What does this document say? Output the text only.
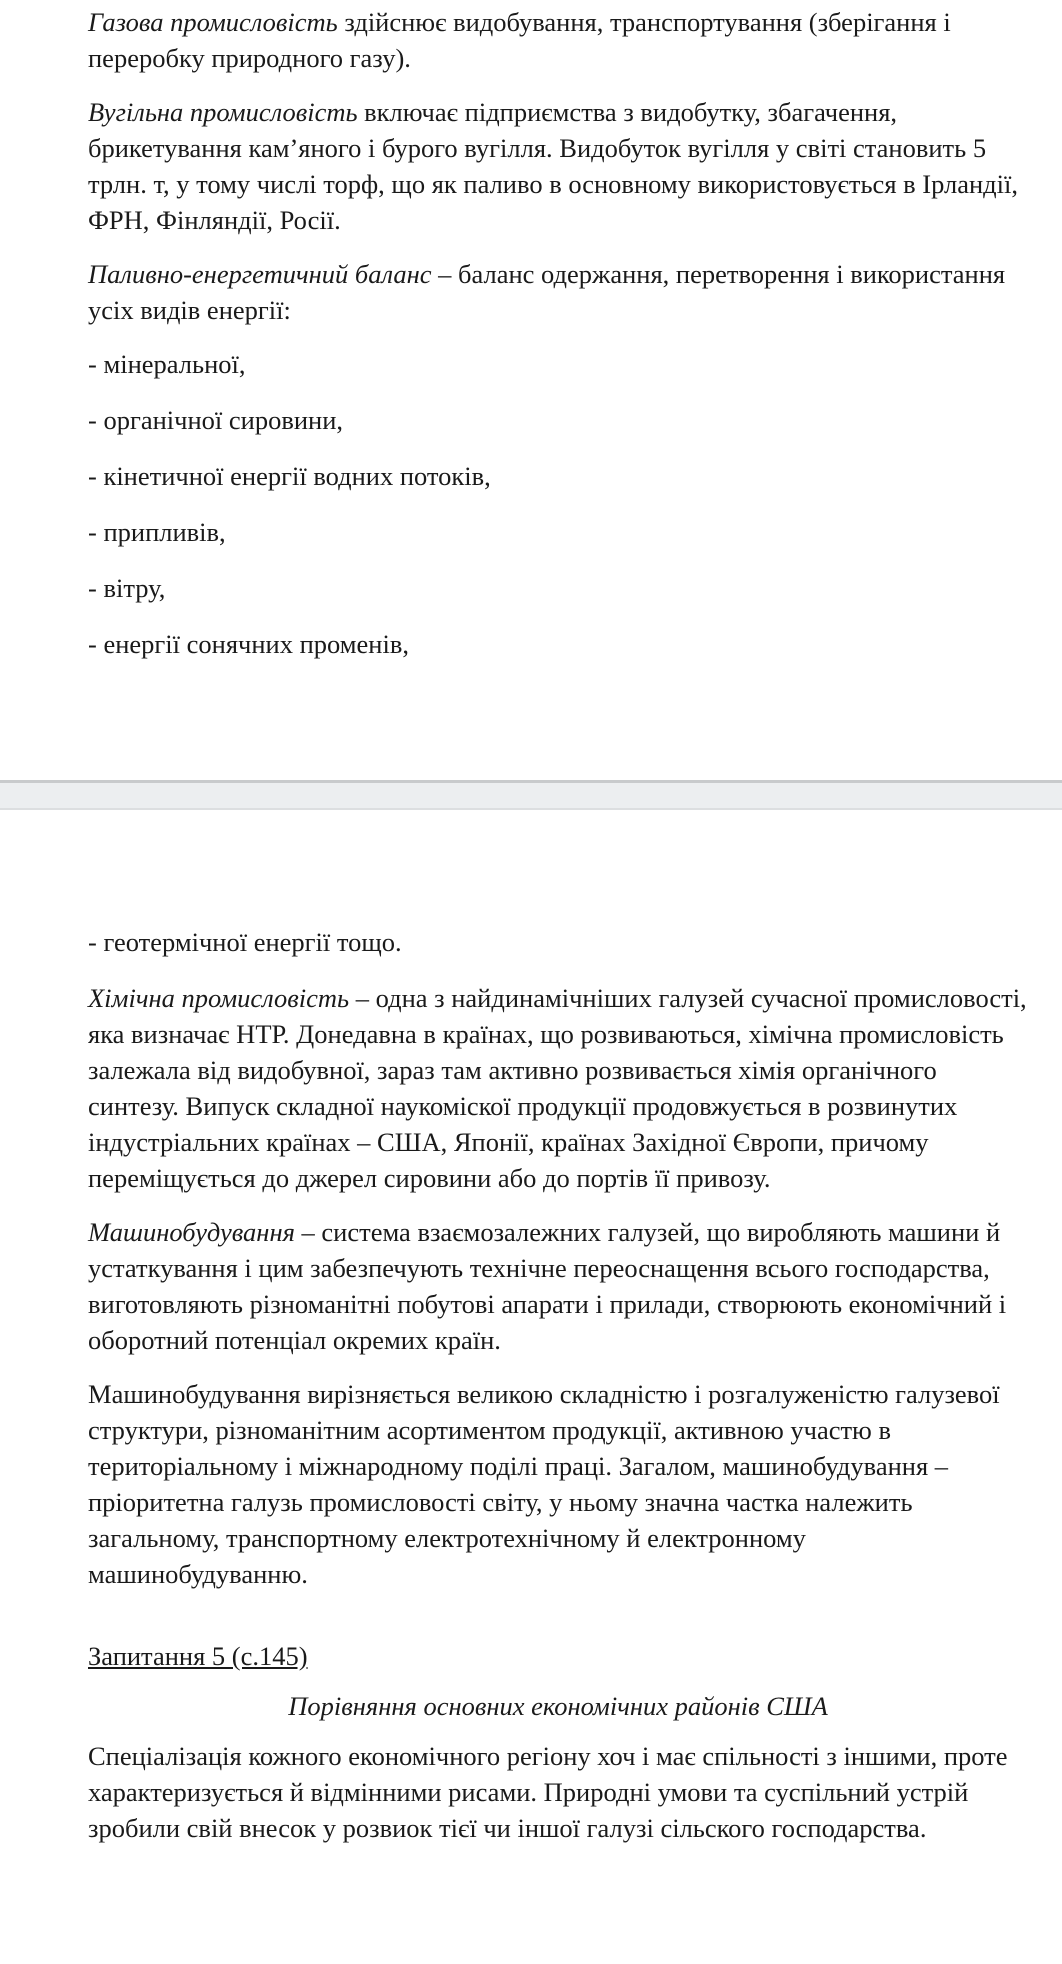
Газова промисловість здійснює видобування, транспортування (зберігання і переробку природного газу).

Вугільна промисловість включає підприємства з видобутку, збагачення, брикетування кам’яного і бурого вугілля. Видобуток вугілля у світі становить 5 трлн. т, у тому числі торф, що як паливо в основному використовується в Ірландії, ФРН, Фінляндії, Росії.

Паливно-енергетичний баланс – баланс одержання, перетворення і використання усіх видів енергії:

- мінеральної,

- органічної сировини,

- кінетичної енергії водних потоків,

- припливів,

- вітру,

- енергії сонячних променів,

- геотермічної енергії тощо.

Хімічна промисловість – одна з найдинамічніших галузей сучасної промисловості, яка визначає НТР. Донедавна в країнах, що розвиваються, хімічна промисловість залежала від видобувної, зараз там активно розвивається хімія органічного синтезу. Випуск складної наукоміскої продукції продовжується в розвинутих індустріальних країнах – США, Японії, країнах Західної Європи, причому переміщується до джерел сировини або до портів її привозу.

Машинобудування – система взаємозалежних галузей, що виробляють машини й устаткування і цим забезпечують технічне переоснащення всього господарства, виготовляють різноманітні побутові апарати і прилади, створюють економічний і оборотний потенціал окремих країн.

Машинобудування вирізняється великою складністю і розгалуженістю галузевої структури, різноманітним асортиментом продукції, активною участю в територіальному і міжнародному поділі праці. Загалом, машинобудування – пріоритетна галузь промисловості світу, у ньому значна частка належить загальному, транспортному електротехнічному й електронному машинобудуванню.

Запитання 5 (с.145)

Порівняння основних економічних районів США

Спеціалізація кожного економічного регіону хоч і має спільності з іншими, проте характеризується й відмінними рисами. Природні умови та суспільний устрій зробили свій внесок у розвиок тієї чи іншої галузі сільского господарства.
